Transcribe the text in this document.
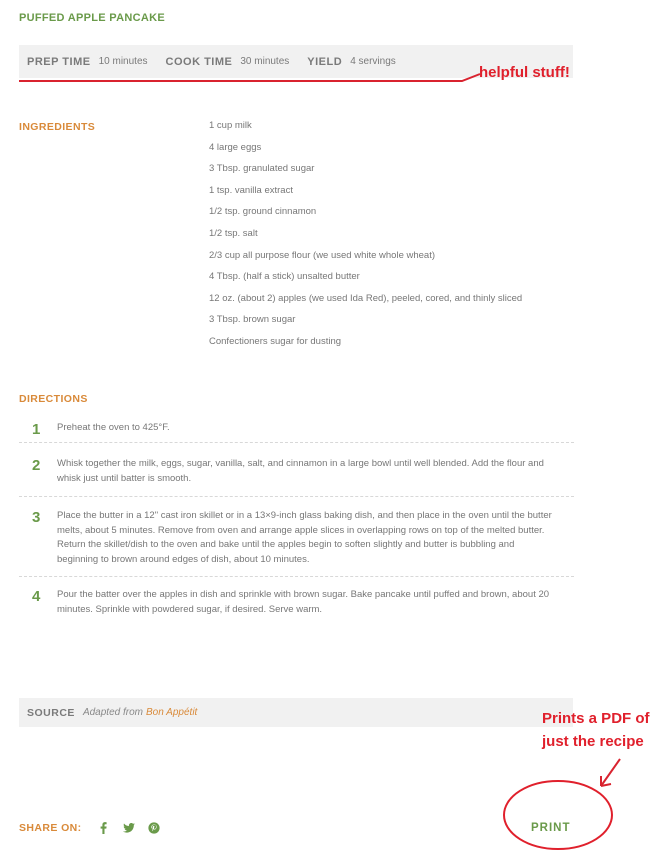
PUFFED APPLE PANCAKE
PREP TIME 10 minutes COOK TIME 30 minutes YIELD 4 servings
helpful stuff!
INGREDIENTS	1 cup milk
4 large eggs
3 Tbsp. granulated sugar
1 tsp. vanilla extract
1/2 tsp. ground cinnamon
1/2 tsp. salt
2/3 cup all purpose flour (we used white whole wheat)
4 Tbsp. (half a stick) unsalted butter
12 oz. (about 2) apples (we used Ida Red), peeled, cored, and thinly sliced
3 Tbsp. brown sugar
Confectioners sugar for dusting
DIRECTIONS
1	Preheat the oven to 425°F.
2	Whisk together the milk, eggs, sugar, vanilla, salt, and cinnamon in a large bowl until well blended. Add the flour and whisk just until batter is smooth.
3	Place the butter in a 12" cast iron skillet or in a 13×9-inch glass baking dish, and then place in the oven until the butter melts, about 5 minutes. Remove from oven and arrange apple slices in overlapping rows on top of the melted butter. Return the skillet/dish to the oven and bake until the apples begin to soften slightly and butter is bubbling and beginning to brown around edges of dish, about 10 minutes.
4	Pour the batter over the apples in dish and sprinkle with brown sugar. Bake pancake until puffed and brown, about 20 minutes. Sprinkle with powdered sugar, if desired. Serve warm.
SOURCE Adapted from Bon Appétit	Prints a PDF of
just the recipe
SHARE ON:	PRINT
